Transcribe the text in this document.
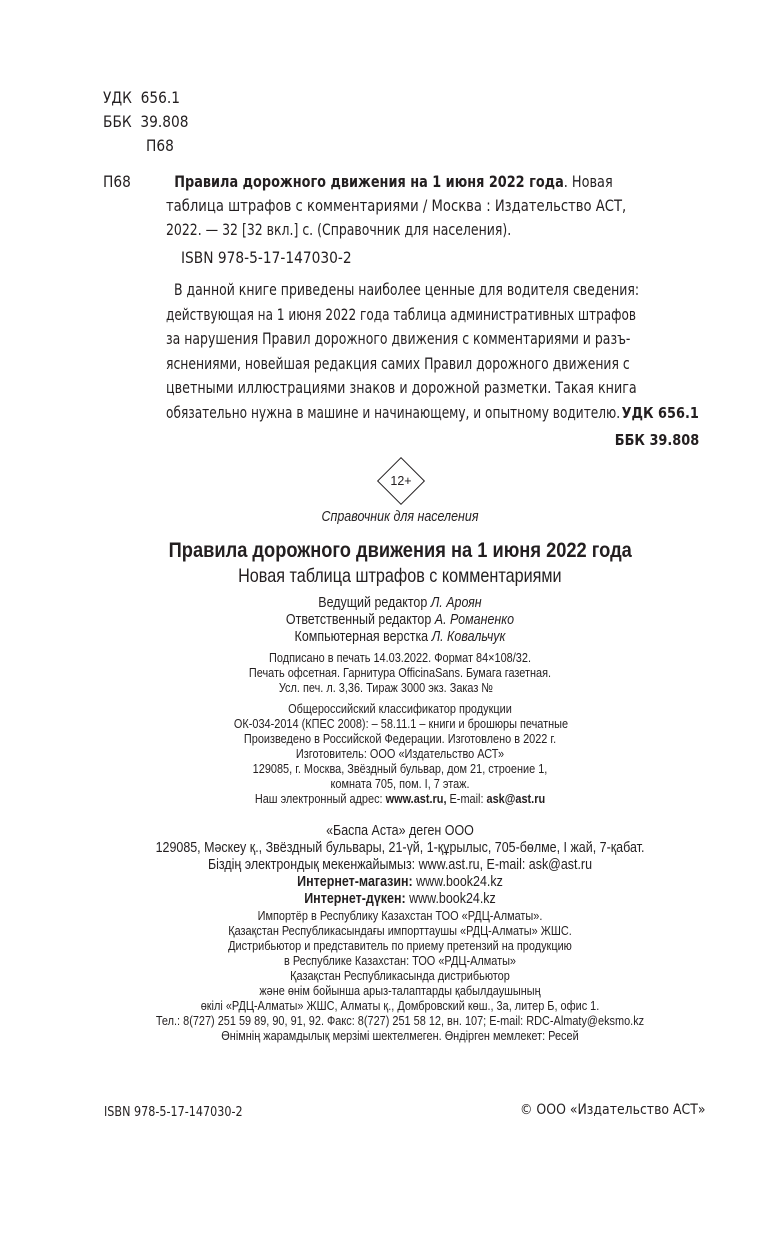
УДК 656.1
ББК 39.808
П68
П68	Правила дорожного движения на 1 июня 2022 года. Новая
таблица штрафов с комментариями / Москва : Издательство АСТ,
2022. — 32 [32 вкл.] с. (Справочник для населения).
ISBN 978-5-17-147030-2
В данной книге приведены наиболее ценные для водителя сведения:
действующая на 1 июня 2022 года таблица административных штрафов
за нарушения Правил дорожного движения с комментариями и разъ-
яснениями, новейшая редакция самих Правил дорожного движения с
цветными иллюстрациями знаков и дорожной разметки. Такая книга
обязательно нужна в машине и начинающему, и опытному водителю. УДК 656.1
ББК 39.808
12+
Справочник для населения
Правила дорожного движения на 1 июня 2022 года
Новая таблица штрафов с комментариями
Ведущий редактор Л. Ароян
Ответственный редактор А. Романенко
Компьютерная верстка Л. Ковальчук
Подписано в печать 14.03.2022. Формат 84×108/32.
Печать офсетная. Гарнитура OfficinaSans. Бумага газетная.
Усл. печ. л. 3,36. Тираж 3000 экз. Заказ №
Общероссийский классификатор продукции
ОК-034-2014 (КПЕС 2008): – 58.11.1 – книги и брошюры печатные
Произведено в Российской Федерации. Изготовлено в 2022 г.
Изготовитель: ООО «Издательство АСТ»
129085, г. Москва, Звёздный бульвар, дом 21, строение 1,
комната 705, пом. I, 7 этаж.
Наш электронный адрес: www.ast.ru, E-mail: ask@ast.ru
«Баспа Аста» деген ООО
129085, Мәскеу қ., Звёздный бульвары, 21-үй, 1-құрылыс, 705-бөлме, I жай, 7-қабат.
Біздің электрондық мекенжайымыз: www.ast.ru, E-mail: ask@ast.ru
Интернет-магазин: www.book24.kz
Интернет-дүкен: www.book24.kz
Импортёр в Республику Казахстан ТОО «РДЦ-Алматы».
Қазақстан Республикасындағы импорттаушы «РДЦ-Алматы» ЖШС.
Дистрибьютор и представитель по приему претензий на продукцию
в Республике Казахстан: ТОО «РДЦ-Алматы»
Қазақстан Республикасында дистрибьютор
және өнім бойынша арыз-талаптарды қабылдаушының
өкілі «РДЦ-Алматы» ЖШС, Алматы қ., Домбровский көш., 3а, литер Б, офис 1.
Тел.: 8(727) 251 59 89, 90, 91, 92. Факс: 8(727) 251 58 12, вн. 107; E-mail: RDC-Almaty@eksmo.kz
Өнімнің жарамдылық мерзімі шектелмеген. Өндірген мемлекет: Ресей
ISBN 978-5-17-147030-2	© ООО «Издательство АСТ»
